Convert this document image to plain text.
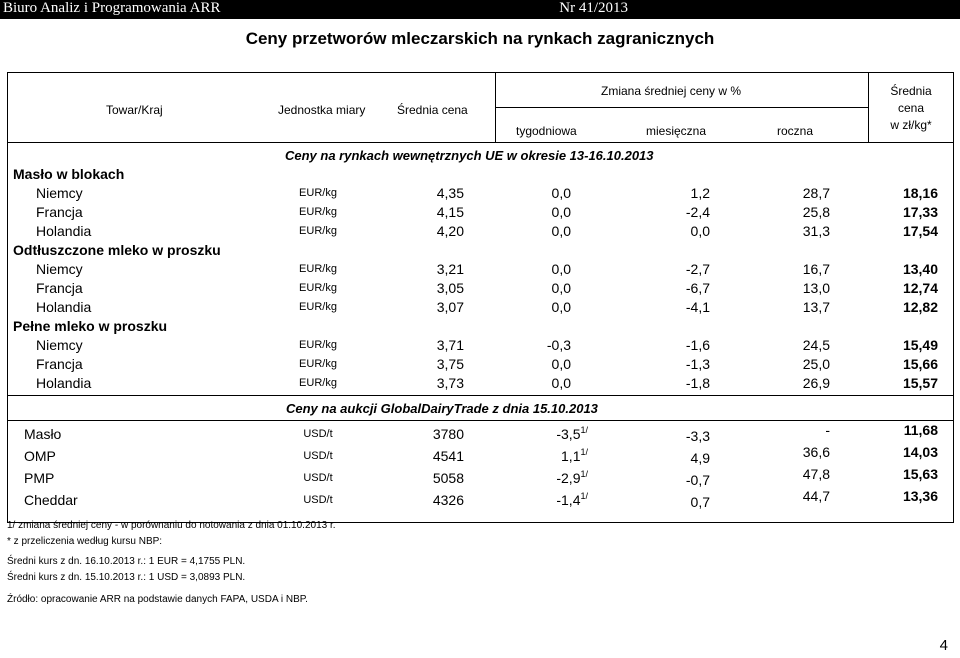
Biuro Analiz i Programowania ARR	Nr 41/2013
Ceny przetworów mleczarskich na rynkach zagranicznych
Towar/Kraj	Jednostka miary	Średnia cena
Zmiana średniej ceny w %
tygodniowa	miesięczna	roczna
Średnia
cena
w zł/kg*
Ceny na rynkach wewnętrznych UE w okresie 13-16.10.2013
Ceny na aukcji GlobalDairyTrade z dnia 15.10.2013
Masło w blokach
Niemcy	EUR/kg	4,35	0,0	1,2	28,7	18,16
Francja	EUR/kg	4,15	0,0	-2,4	25,8	17,33
Holandia	EUR/kg	4,20	0,0	0,0	31,3	17,54
Odtłuszczone mleko w proszku
Niemcy	EUR/kg	3,21	0,0	-2,7	16,7	13,40
Francja	EUR/kg	3,05	0,0	-6,7	13,0	12,74
Holandia	EUR/kg	3,07	0,0	-4,1	13,7	12,82
Pełne mleko w proszku
Niemcy	EUR/kg	3,71	-0,3	-1,6	24,5	15,49
Francja	EUR/kg	3,75	0,0	-1,3	25,0	15,66
Holandia	EUR/kg	3,73	0,0	-1,8	26,9	15,57
Masło	USD/t	3780	$-3,5^{1/}$	-3,3	-	11,68
OMP	USD/t	4541	$1,1^{1/}$	4,9	36,6	14,03
PMP	USD/t	5058	$-2,9^{1/}$	-0,7	47,8	15,63
Cheddar	USD/t	4326	$-1,4^{1/}$	0,7	44,7	13,36
1/ zmiana średniej ceny - w porównaniu do notowania z dnia 01.10.2013 r.
* z przeliczenia według kursu NBP:
Średni kurs z dn. 16.10.2013 r.: 1 EUR = 4,1755 PLN.
Średni kurs z dn. 15.10.2013 r.: 1 USD = 3,0893 PLN.
Źródło: opracowanie ARR na podstawie danych FAPA, USDA i NBP.
4
